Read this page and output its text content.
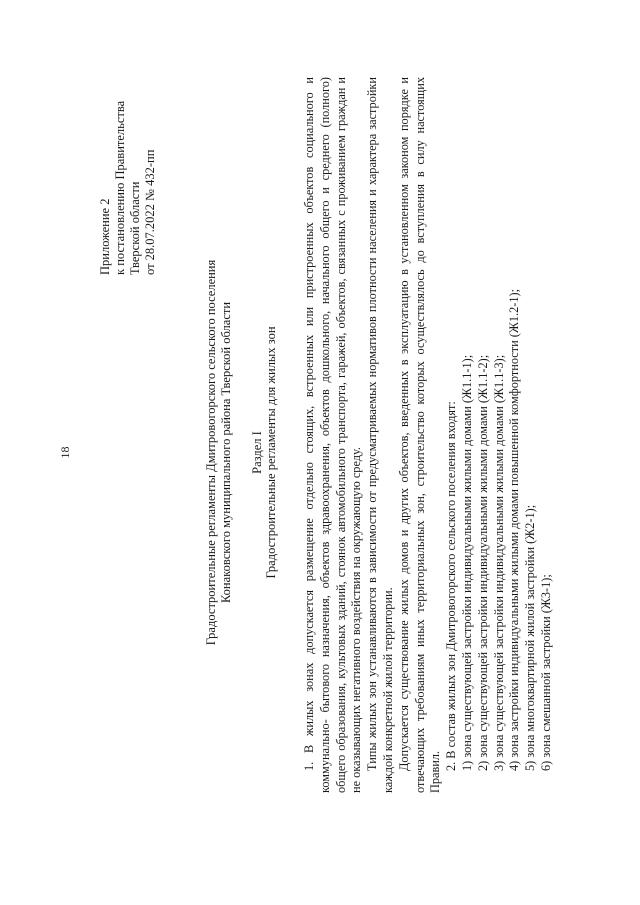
18
Приложение 2 к постановлению Правительства Тверской области от 28.07.2022 № 432-пп
Градостроительные регламенты Дмитровогорского сельского поселения Конаковского муниципального района Тверской области Раздел I Градостроительные регламенты для жилых зон 1. В жилых зонах допускается размещение отдельно стоящих, встроенных или пристроенных объектов социального и коммунально- бытового назначения, объектов здравоохранения, объектов дошкольного, начального общего и среднего (полного) общего образования, культовых зданий, стоянок автомобильного транспорта, гаражей, объектов, связанных с проживанием граждан и не оказывающих негативного воздействия на окружающую среду. Типы жилых зон устанавливаются в зависимости от предусматриваемых нормативов плотности населения и характера застройки каждой конкретной жилой территории. Допускается существование жилых домов и других объектов, введенных в эксплуатацию в установленном законом порядке и отвечающих требованиям иных территориальных зон, строительство которых осуществлялось до вступления в силу настоящих Правил.

2. В состав жилых зон Дмитровогорского сельского поселения входят: 1) зона существующей застройки индивидуальными жилыми домами (Ж1.1-1); 2) зона существующей застройки индивидуальными жилыми домами (Ж1.1-2); 3) зона существующей застройки индивидуальными жилыми домами (Ж1.1-3); 4) зона застройки индивидуальными жилыми домами повышенной комфортности (Ж1.2-1); 5) зона многоквартирной жилой застройки (Ж2-1); 6) зона смешанной застройки (Ж3-1);
